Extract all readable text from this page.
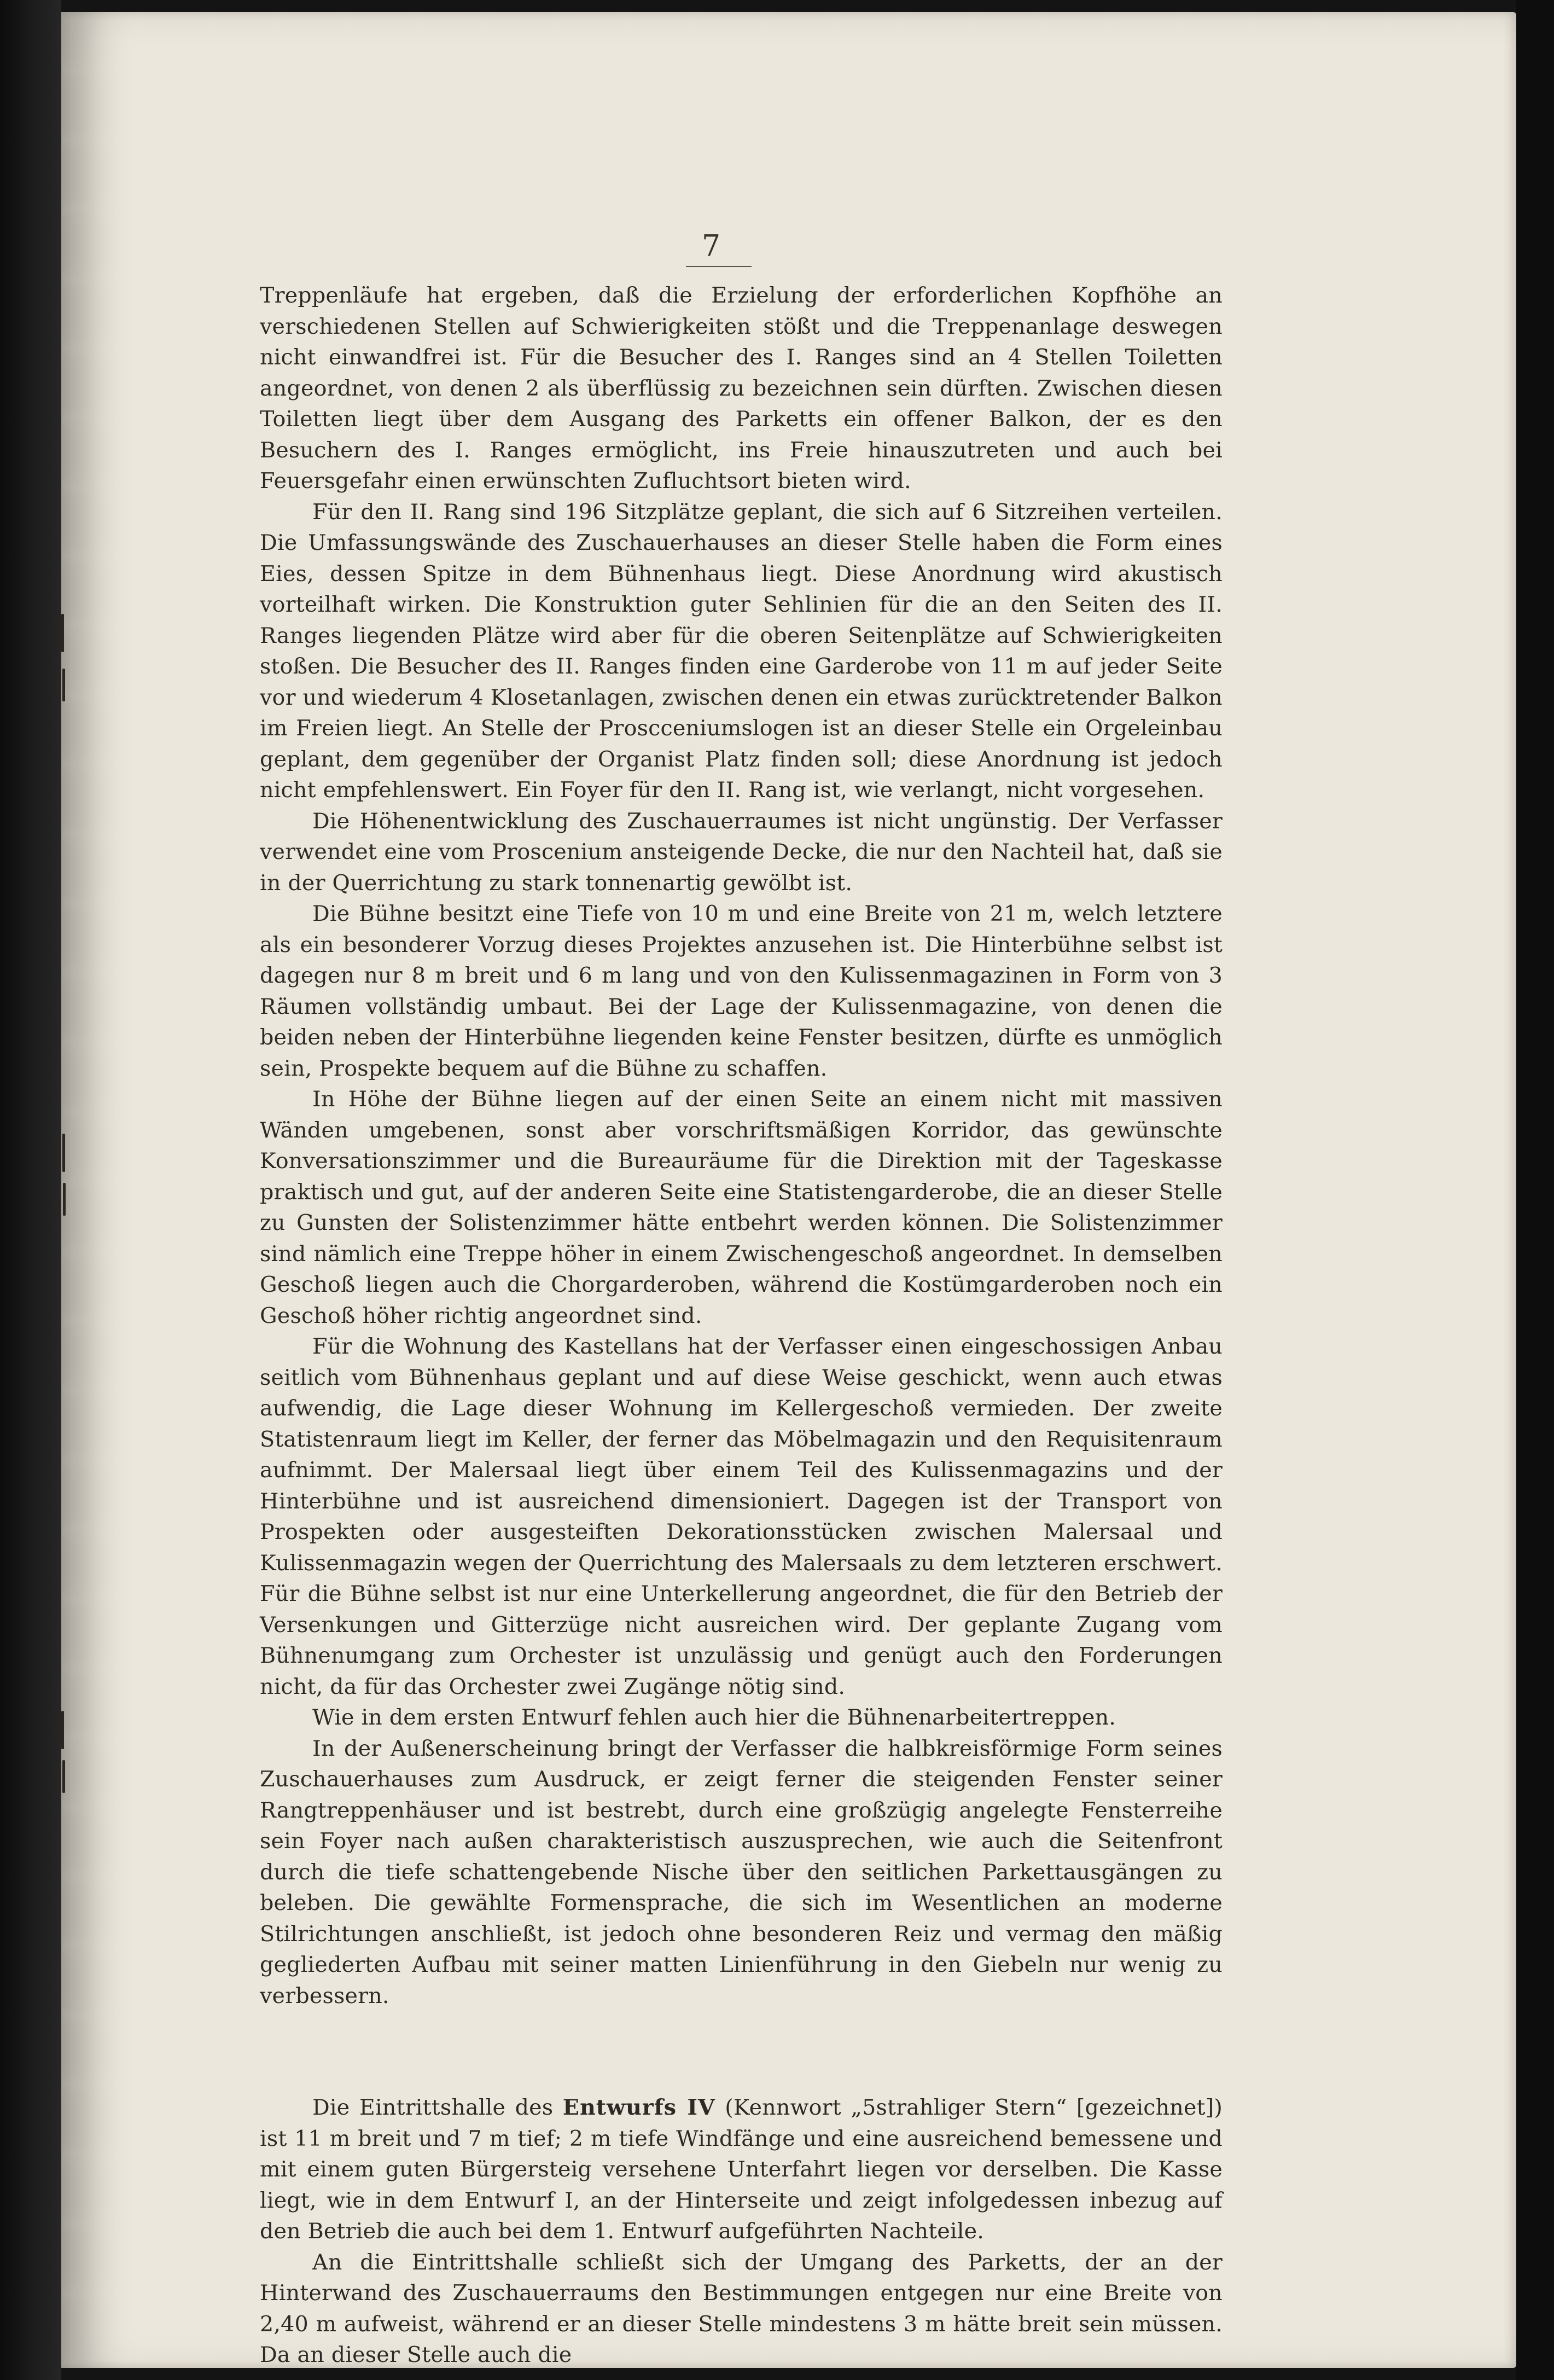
7

Treppenläufe hat ergeben, daß die Erzielung der erforderlichen Kopfhöhe an verschiedenen Stellen auf Schwierigkeiten stößt und die Treppenanlage deswegen nicht einwandfrei ist. Für die Besucher des I. Ranges sind an 4 Stellen Toiletten angeordnet, von denen 2 als überflüssig zu bezeichnen sein dürften. Zwischen diesen Toiletten liegt über dem Ausgang des Parketts ein offener Balkon, der es den Besuchern des I. Ranges ermöglicht, ins Freie hinauszutreten und auch bei Feuersgefahr einen erwünschten Zufluchtsort bieten wird.

Für den II. Rang sind 196 Sitzplätze geplant, die sich auf 6 Sitzreihen verteilen. Die Umfassungswände des Zuschauerhauses an dieser Stelle haben die Form eines Eies, dessen Spitze in dem Bühnenhaus liegt. Diese Anordnung wird akustisch vorteilhaft wirken. Die Konstruktion guter Sehlinien für die an den Seiten des II. Ranges liegenden Plätze wird aber für die oberen Seitenplätze auf Schwierigkeiten stoßen. Die Besucher des II. Ranges finden eine Garderobe von 11 m auf jeder Seite vor und wiederum 4 Klosetanlagen, zwischen denen ein etwas zurücktretender Balkon im Freien liegt. An Stelle der Proscceniumslogen ist an dieser Stelle ein Orgeleinbau geplant, dem gegenüber der Organist Platz finden soll; diese Anordnung ist jedoch nicht empfehlenswert. Ein Foyer für den II. Rang ist, wie verlangt, nicht vorgesehen.

Die Höhenentwicklung des Zuschauerraumes ist nicht ungünstig. Der Verfasser verwendet eine vom Proscenium ansteigende Decke, die nur den Nachteil hat, daß sie in der Querrichtung zu stark tonnenartig gewölbt ist.

Die Bühne besitzt eine Tiefe von 10 m und eine Breite von 21 m, welch letztere als ein besonderer Vorzug dieses Projektes anzusehen ist. Die Hinterbühne selbst ist dagegen nur 8 m breit und 6 m lang und von den Kulissenmagazinen in Form von 3 Räumen vollständig umbaut. Bei der Lage der Kulissenmagazine, von denen die beiden neben der Hinterbühne liegenden keine Fenster besitzen, dürfte es unmöglich sein, Prospekte bequem auf die Bühne zu schaffen.

In Höhe der Bühne liegen auf der einen Seite an einem nicht mit massiven Wänden umgebenen, sonst aber vorschriftsmäßigen Korridor, das gewünschte Konversationszimmer und die Bureauräume für die Direktion mit der Tageskasse praktisch und gut, auf der anderen Seite eine Statistengarderobe, die an dieser Stelle zu Gunsten der Solistenzimmer hätte entbehrt werden können. Die Solistenzimmer sind nämlich eine Treppe höher in einem Zwischengeschoß angeordnet. In demselben Geschoß liegen auch die Chorgarderoben, während die Kostümgarderoben noch ein Geschoß höher richtig angeordnet sind.

Für die Wohnung des Kastellans hat der Verfasser einen eingeschossigen Anbau seitlich vom Bühnenhaus geplant und auf diese Weise geschickt, wenn auch etwas aufwendig, die Lage dieser Wohnung im Kellergeschoß vermieden. Der zweite Statistenraum liegt im Keller, der ferner das Möbelmagazin und den Requisitenraum aufnimmt. Der Malersaal liegt über einem Teil des Kulissenmagazins und der Hinterbühne und ist ausreichend dimensioniert. Dagegen ist der Transport von Prospekten oder ausgesteiften Dekorationsstücken zwischen Malersaal und Kulissenmagazin wegen der Querrichtung des Malersaals zu dem letzteren erschwert. Für die Bühne selbst ist nur eine Unterkellerung angeordnet, die für den Betrieb der Versenkungen und Gitterzüge nicht ausreichen wird. Der geplante Zugang vom Bühnenumgang zum Orchester ist unzulässig und genügt auch den Forderungen nicht, da für das Orchester zwei Zugänge nötig sind.

Wie in dem ersten Entwurf fehlen auch hier die Bühnenarbeitertreppen.

In der Außenerscheinung bringt der Verfasser die halbkreisförmige Form seines Zuschauerhauses zum Ausdruck, er zeigt ferner die steigenden Fenster seiner Rangtreppenhäuser und ist bestrebt, durch eine großzügig angelegte Fensterreihe sein Foyer nach außen charakteristisch auszusprechen, wie auch die Seitenfront durch die tiefe schattengebende Nische über den seitlichen Parkettausgängen zu beleben. Die gewählte Formensprache, die sich im Wesentlichen an moderne Stilrichtungen anschließt, ist jedoch ohne besonderen Reiz und vermag den mäßig gegliederten Aufbau mit seiner matten Linienführung in den Giebeln nur wenig zu verbessern.

Die Eintrittshalle des Entwurfs IV (Kennwort „5strahliger Stern“ [gezeichnet]) ist 11 m breit und 7 m tief; 2 m tiefe Windfänge und eine ausreichend bemessene und mit einem guten Bürgersteig versehene Unterfahrt liegen vor derselben. Die Kasse liegt, wie in dem Entwurf I, an der Hinterseite und zeigt infolgedessen inbezug auf den Betrieb die auch bei dem 1. Entwurf aufgeführten Nachteile.

An die Eintrittshalle schließt sich der Umgang des Parketts, der an der Hinterwand des Zuschauerraums den Bestimmungen entgegen nur eine Breite von 2,40 m aufweist, während er an dieser Stelle mindestens 3 m hätte breit sein müssen. Da an dieser Stelle auch die
